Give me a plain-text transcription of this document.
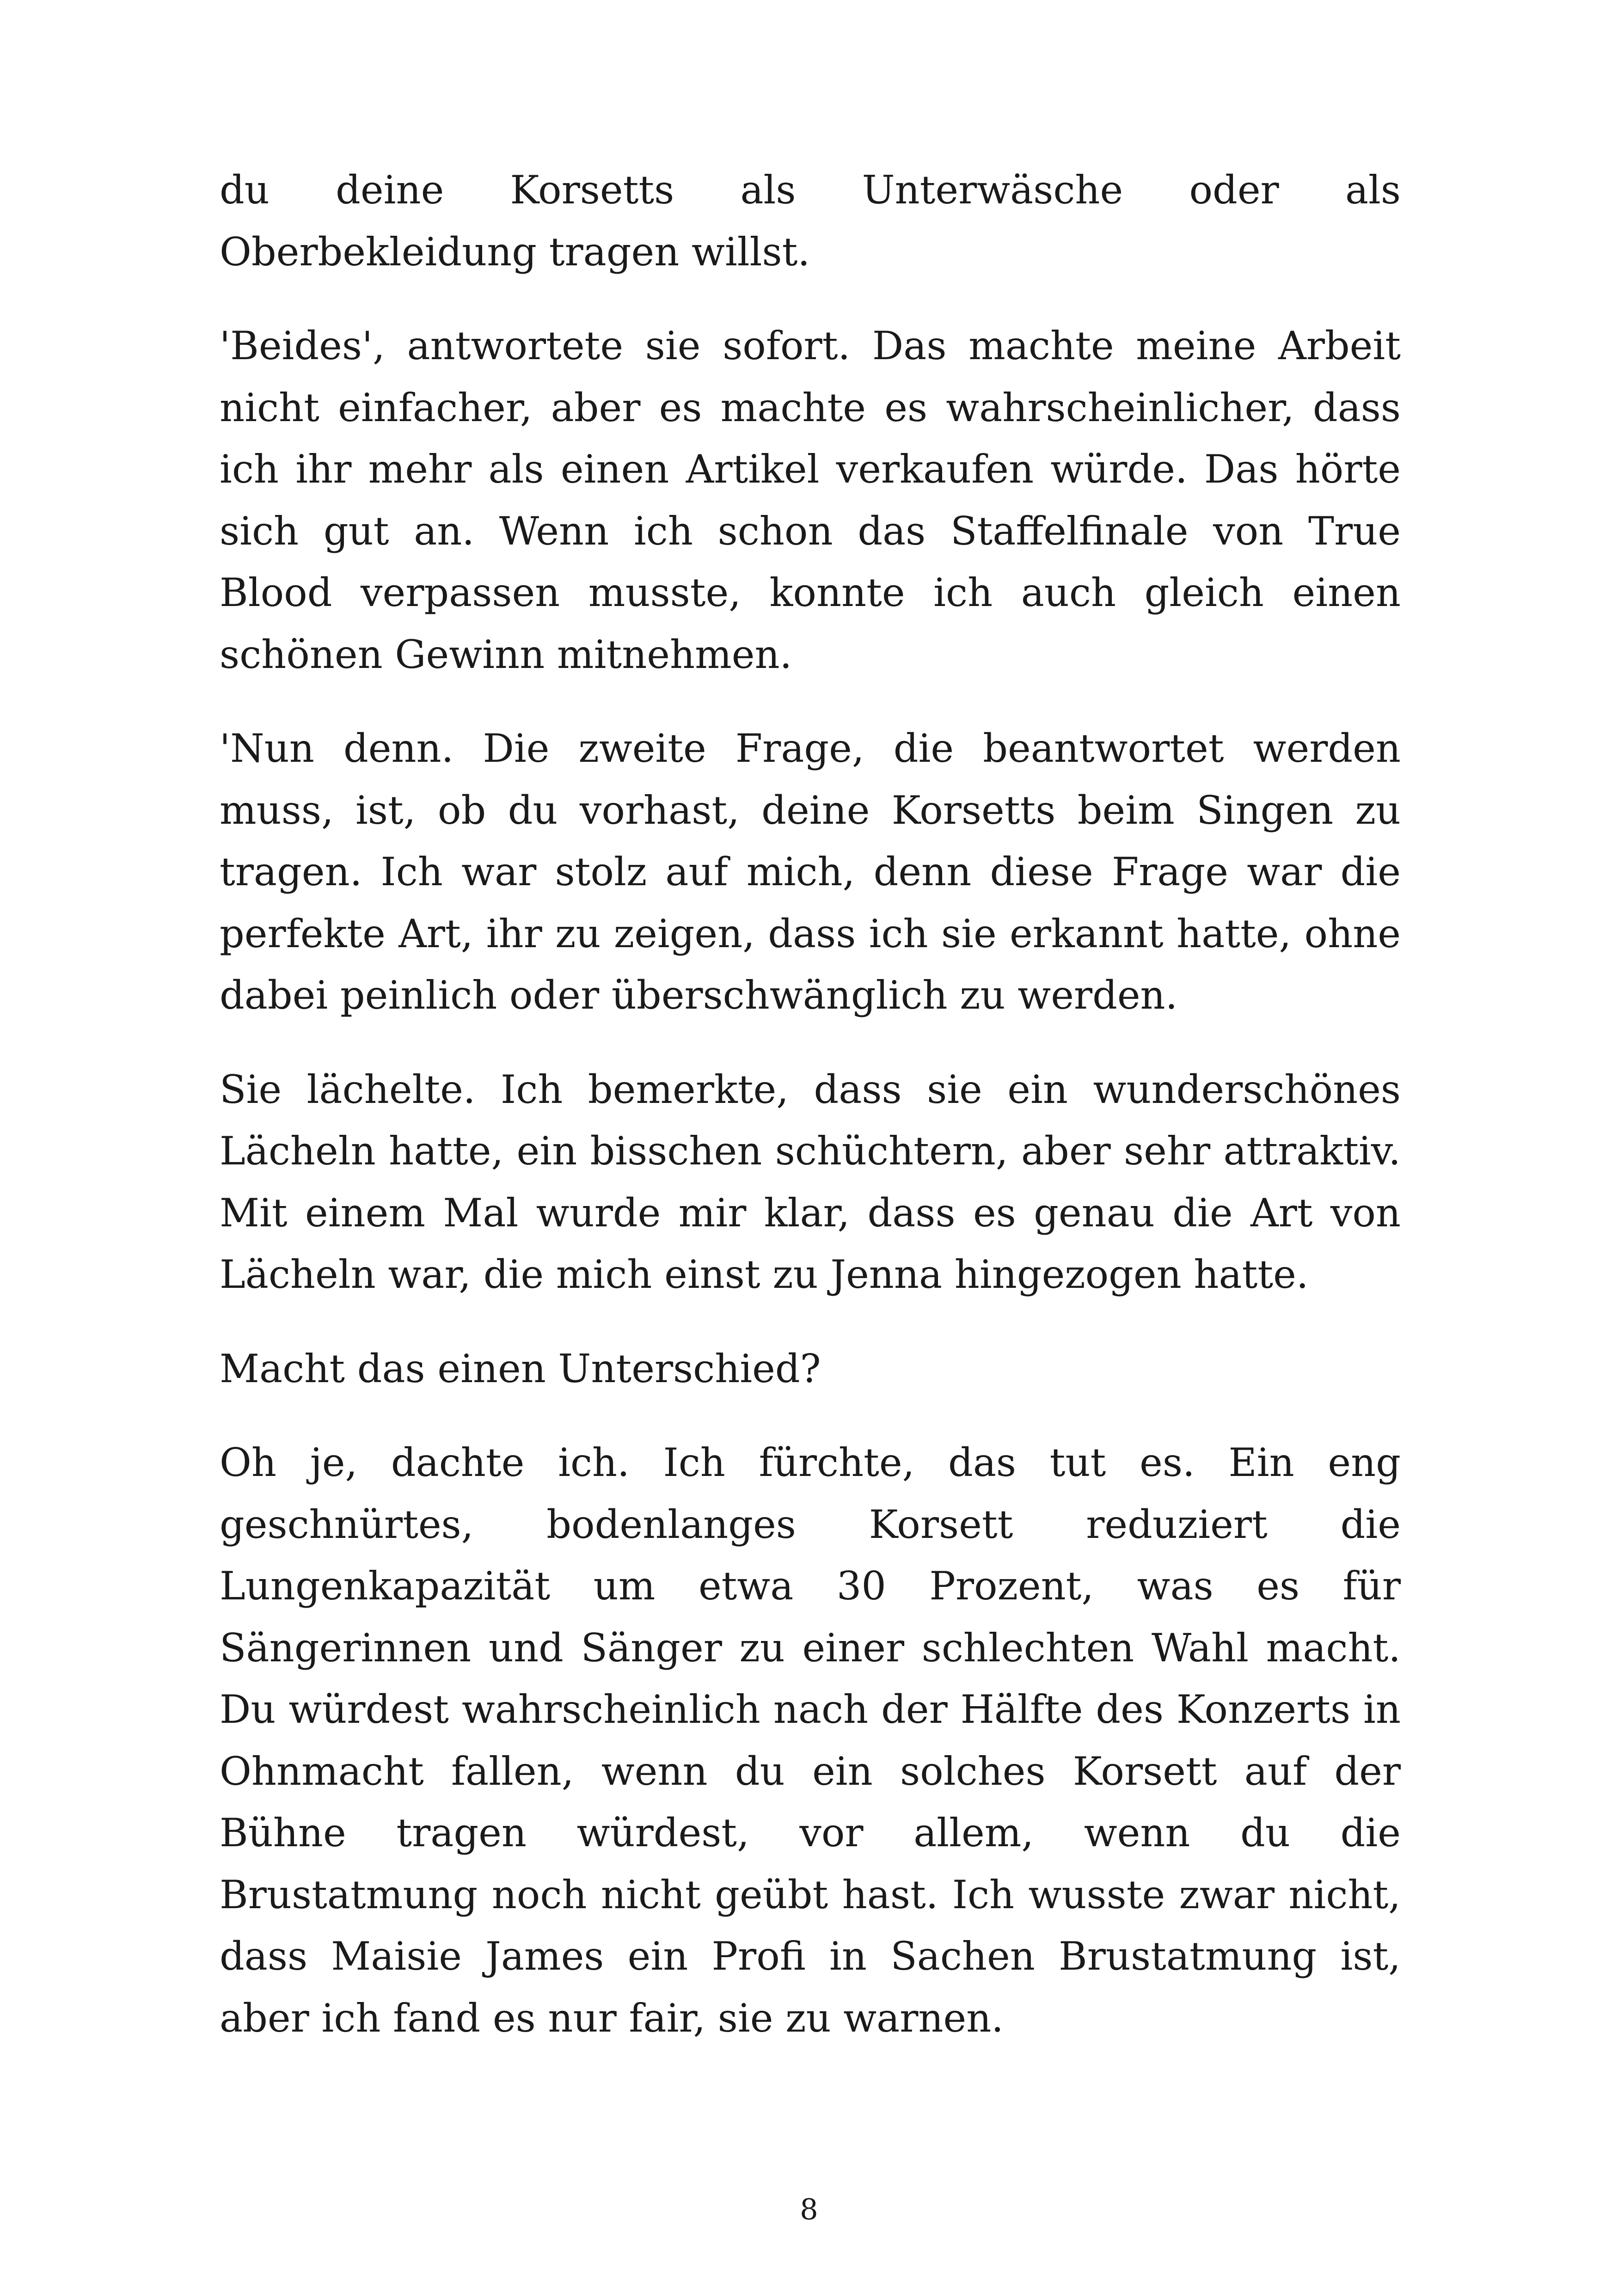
du deine Korsetts als Unterwäsche oder als Oberbekleidung tragen willst.

'Beides', antwortete sie sofort. Das machte meine Arbeit nicht einfacher, aber es machte es wahrscheinlicher, dass ich ihr mehr als einen Artikel verkaufen würde. Das hörte sich gut an. Wenn ich schon das Staffelfinale von True Blood verpassen musste, konnte ich auch gleich einen schönen Gewinn mitnehmen.

'Nun denn. Die zweite Frage, die beantwortet werden muss, ist, ob du vorhast, deine Korsetts beim Singen zu tragen. Ich war stolz auf mich, denn diese Frage war die perfekte Art, ihr zu zeigen, dass ich sie erkannt hatte, ohne dabei peinlich oder überschwänglich zu werden.

Sie lächelte. Ich bemerkte, dass sie ein wunderschönes Lächeln hatte, ein bisschen schüchtern, aber sehr attraktiv. Mit einem Mal wurde mir klar, dass es genau die Art von Lächeln war, die mich einst zu Jenna hingezogen hatte.

Macht das einen Unterschied?

Oh je, dachte ich. Ich fürchte, das tut es. Ein eng geschnürtes, bodenlanges Korsett reduziert die Lungenkapazität um etwa 30 Prozent, was es für Sängerinnen und Sänger zu einer schlechten Wahl macht. Du würdest wahrscheinlich nach der Hälfte des Konzerts in Ohnmacht fallen, wenn du ein solches Korsett auf der Bühne tragen würdest, vor allem, wenn du die Brustatmung noch nicht geübt hast. Ich wusste zwar nicht, dass Maisie James ein Profi in Sachen Brustatmung ist, aber ich fand es nur fair, sie zu warnen.

8
